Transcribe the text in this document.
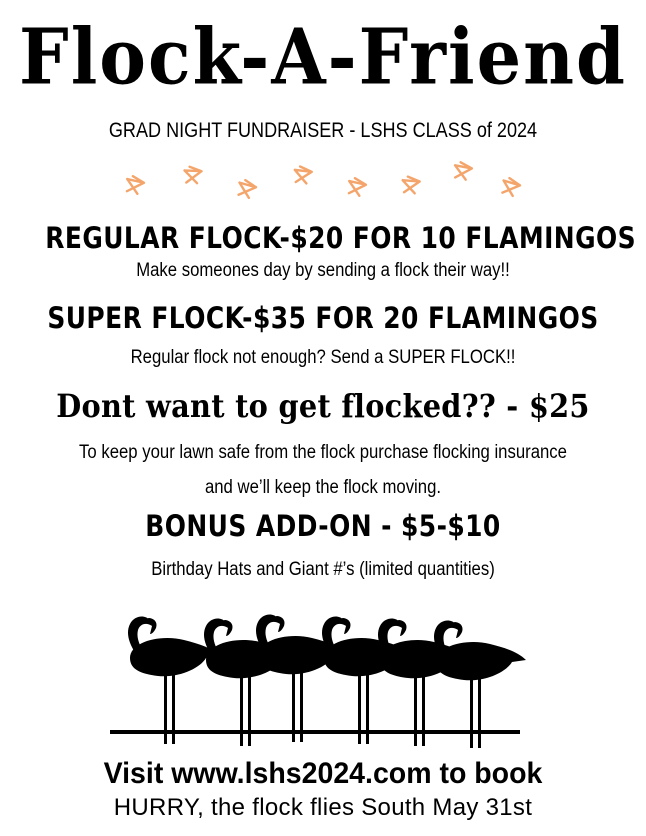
Flock-A-Friend
GRAD NIGHT FUNDRAISER - LSHS CLASS of 2024
REGULAR FLOCK-$20 FOR 10 FLAMINGOS
Make someones day by sending a flock their way!!
SUPER FLOCK-$35 FOR 20 FLAMINGOS
Regular flock not enough? Send a SUPER FLOCK!!
Dont want to get flocked?? - $25
To keep your lawn safe from the flock purchase flocking insurance
and we’ll keep the flock moving.
BONUS ADD-ON - $5-$10
Birthday Hats and Giant #’s (limited quantities)
Visit www.lshs2024.com to book
HURRY, the flock flies South May 31st
